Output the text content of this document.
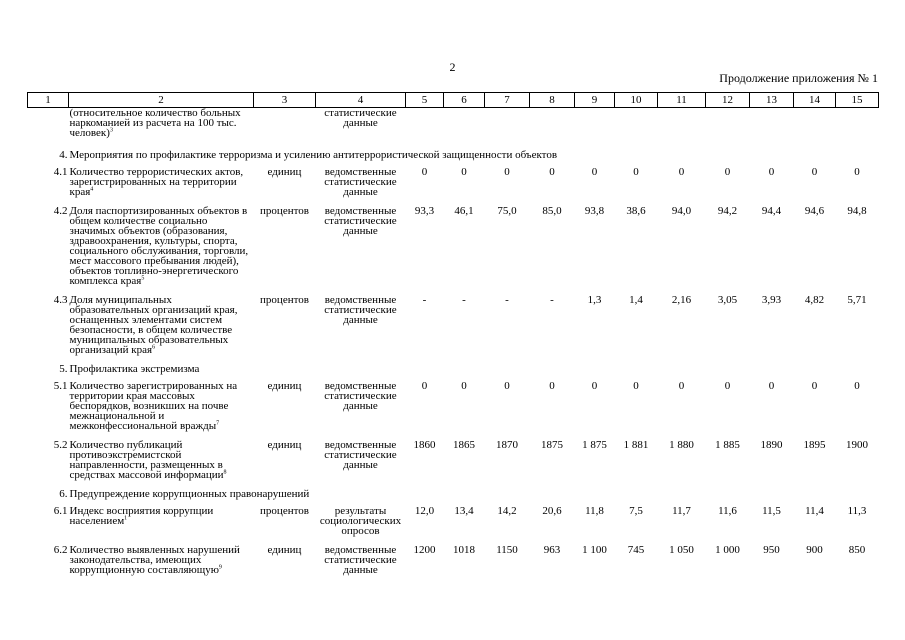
2
Продолжение приложения № 1
1	2	3	4	5	6	7	8	9	10	11	12	13	14	15
	(относительное количество больных наркоманией из расчета на 100 тыс. человек)$^3$		статистические данные											
4.	Мероприятия по профилактике терроризма и усилению антитеррористической защищенности объектов													
4.1	Количество террористических актов, зарегистрированных на территории края$^4$	единиц	ведомственные статистические данные	0	0	0	0	0	0	0	0	0	0	0
4.2	Доля паспортизированных объектов в общем количестве социально значимых объектов (образования, здравоохранения, культуры, спорта, социального обслуживания, торговли, мест массового пребывания людей), объектов топливно-энергетического комплекса края$^5$	процентов	ведомственные статистические данные	93,3	46,1	75,0	85,0	93,8	38,6	94,0	94,2	94,4	94,6	94,8
4.3	Доля муниципальных образовательных организаций края, оснащенных элементами систем безопасности, в общем количестве муниципальных образовательных организаций края$^6$	процентов	ведомственные статистические данные	-	-	-	-	1,3	1,4	2,16	3,05	3,93	4,82	5,71
5.	Профилактика экстремизма													
5.1	Количество зарегистрированных на территории края массовых беспорядков, возникших на почве межнациональной и межконфессиональной вражды$^7$	единиц	ведомственные статистические данные	0	0	0	0	0	0	0	0	0	0	0
5.2	Количество публикаций противоэкстремистской направленности, размещенных в средствах массовой информации$^8$	единиц	ведомственные статистические данные	1860	1865	1870	1875	1 875	1 881	1 880	1 885	1890	1895	1900
6.	Предупреждение коррупционных правонарушений													
6.1	Индекс восприятия коррупции населением$^1$	процентов	результаты социологических опросов	12,0	13,4	14,2	20,6	11,8	7,5	11,7	11,6	11,5	11,4	11,3
6.2	Количество выявленных нарушений законодательства, имеющих коррупционную составляющую$^9$	единиц	ведомственные статистические данные	1200	1018	1150	963	1 100	745	1 050	1 000	950	900	850
